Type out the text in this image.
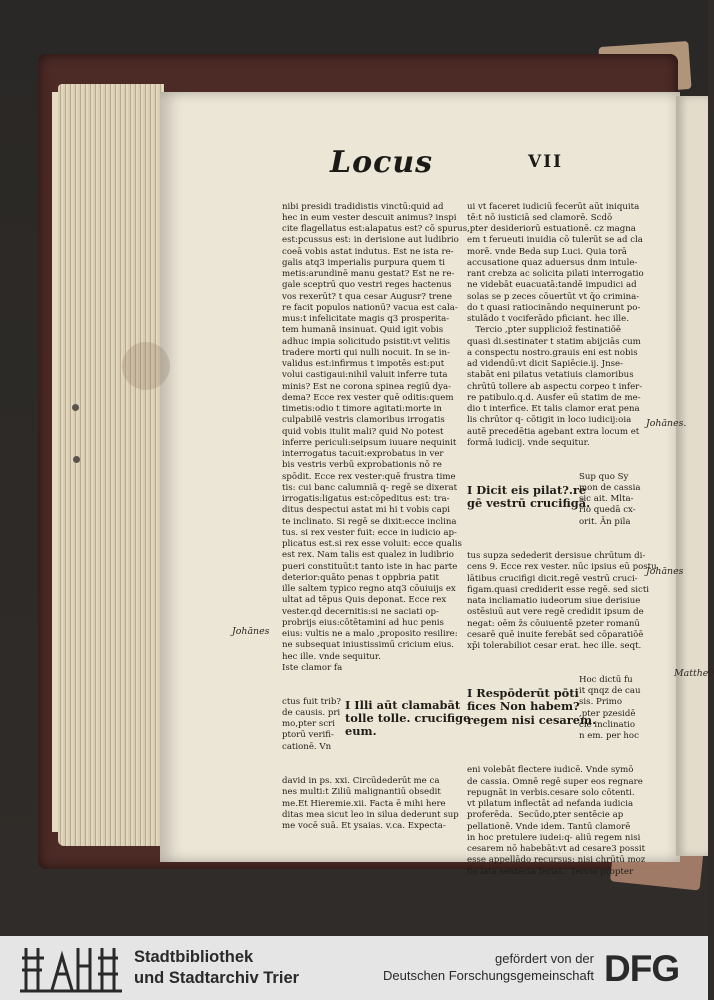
Locus	VII

nibi presidi tradidistis vinctū:quid ad
hec in eum vester descuit animus? inspi
cite flagellatus est:alapatus est? cō spurus
est:pcussus est: in derisione aut ludibrio
coeā vobis astat indutus. Est ne ista re-
galis atq3 imperialis purpura quem ti
metis:arundinē manu gestat? Est ne re-
gale sceptrū quo vestri reges hactenus
vos rexerūt? t qua cesar Augusr? trene
re facit populos nationū? vacua est cala-
mus:t infelicitate magis q3 prosperita-
tem humanā insinuat. Quid igit vobis
adhuc impia solicitudo psistit:vt velitis
tradere morti qui nulli nocuit. In se in-
validus est:infirmus t impotēs est:put
volui castigaui:nihil valuit inferre tuta
minis? Est ne corona spinea regiū dya-
dema? Ecce rex vester quē oditis:quem
timetis:odio t timore agitati:morte in
culpabilē vestris clamoribus irrogatis
quid vobis itulit mali? quid No potest
inferre periculi:seipsum iuuare nequinit
interrogatus tacuit:exprobatus in ver
bis vestris verbū exprobationis nō re
spōdit. Ecce rex vester:quē frustra time
tis: cui banc calumniā q- regē se dixerat
irrogatis:ligatus est:cōpeditus est: tra-
ditus despectui astat mi hi t vobis capi
te inclinato. Si regē se dixit:ecce inclina
tus. si rex vester fuit: ecce in iudicio ap-
plicatus est.si rex esse voluit: ecce qualis
est rex. Nam talis est qualez in ludibrio
pueri constituūt:t tanto iste in hac parte
deterior:quāto penas t oppbria patit
ille saltem typico regno atq3 cōuiuijs ex
ultat ad tēpus Quis deponat. Ecce rex
vester.qd decernitis:si ne saciati op-
probrijs eius:cōtētamini ad huc penis
eius: vultis ne a malo ,proposito resilire:
ne subsequat iniustissimū cricium eius.
hec ille. vnde sequitur.
Iste clamor fa

ctus fuit trib?
de causis. pri
mo,pter scri
ptorū verifi-
cationē. Vn

I Illi aūt clamabāt
tolle tolle. crucifige
eum.

david in ps. xxi. Circūdederūt me ca
nes multi:t Ziliū malignantiū obsedit
me.Et Hieremie.xii. Facta ē mihi here
ditas mea sicut leo in silua dederunt sup
me vocē suā. Et ysaias. v.ca. Expecta-

ui vt faceret iudiciū fecerūt aūt iniquita
tē:t nō iusticiā sed clamorē. Scdō
,pter desideriorū estuationē. cz magna
em t ferueuti inuidia cō tulerūt se ad cla
morē. vnde Beda sup Luci. Quia torā
accusatione quaz aduersus dnm intule-
rant crebza ac solicita pilati interrogatio
ne videbāt euacuatā:tandē impudici ad
solas se p zeces cōuertūt vt q̄o crimina-
do t quasi ratiocināndo nequinerunt po-
stulādo t vociferādo pficiant. hec ille.
Tercio ,pter supplicioz̄ festinatiōē
quasi di.sestinater t statim abijciās cum
a conspectu nostro.grauis eni est nobis
ad videndū:vt dicit Sapiēcie.ij. Jnse-
stabāt eni pilatus vetatiuis clamoribus
chrūtū tollere ab aspectu corpeo t infer-
re patibulo.q.d. Ausfer eū statim de me-
dio t interfice. Et talis clamor erat pena
lis chrūtor q- cōtigit in loco iudicij:oia
autē precedētia agebant extra locum et
formā iudicij. vnde sequitur.

I Dicit eis pilat?.re
gē vestrū crucifigā.

Sup quo Sy
mon de cassia
sic ait. Mlta-
rio quedā cx-
orit. Ān pila

tus supza sedederit dersisue chrūtum di-
cens 9. Ecce rex vester. nūc ipsius eū postu
lātibus crucifigi dicit.regē vestrū cruci-
figam.quasi crediderit esse regē. sed sicti
nata incliamatio iudeorum siue derisiue
ostēsiuū aut vere regē credidit ipsum de
negat: oēm z̄s cōuiuentē pzeter romanū
cesarē quē inuite ferebāt sed cōparatiōē
xp̄i tolerabiliot cesar erat. hec ille. seqt.

I Respōderūt pōti
fices Non habem?
regem nisi cesarem.

Hoc dictū fu
it qnqz de cau
sis. Primo
,pter pzesidē
cie inclinatio
n em. per hoc

eni volebāt flectere iudicē. Vnde symō
de cassia. Omnē regē super eos regnare
repugnāt in verbis.cesare solo cōtenti.
vt pilatum inflectāt ad nefanda iudicia
proferēda.  Secūdo,pter sentēcie ap
pellationē. Vnde idem. Tantū clamorē
in hoc pretulere iudei:q- aliū regem nisi
cesarem nō habebāt:vt ad cesare3 possit
esse appellādo recursus: nisi chrūtū moz
tis lata sentēcia feriat.  Tercio propter

Johānes
Johānes.
Johānes
Matthe9
Stadtbibliothek
und Stadtarchiv Trier
gefördert von der
Deutschen Forschungsgemeinschaft DFG
